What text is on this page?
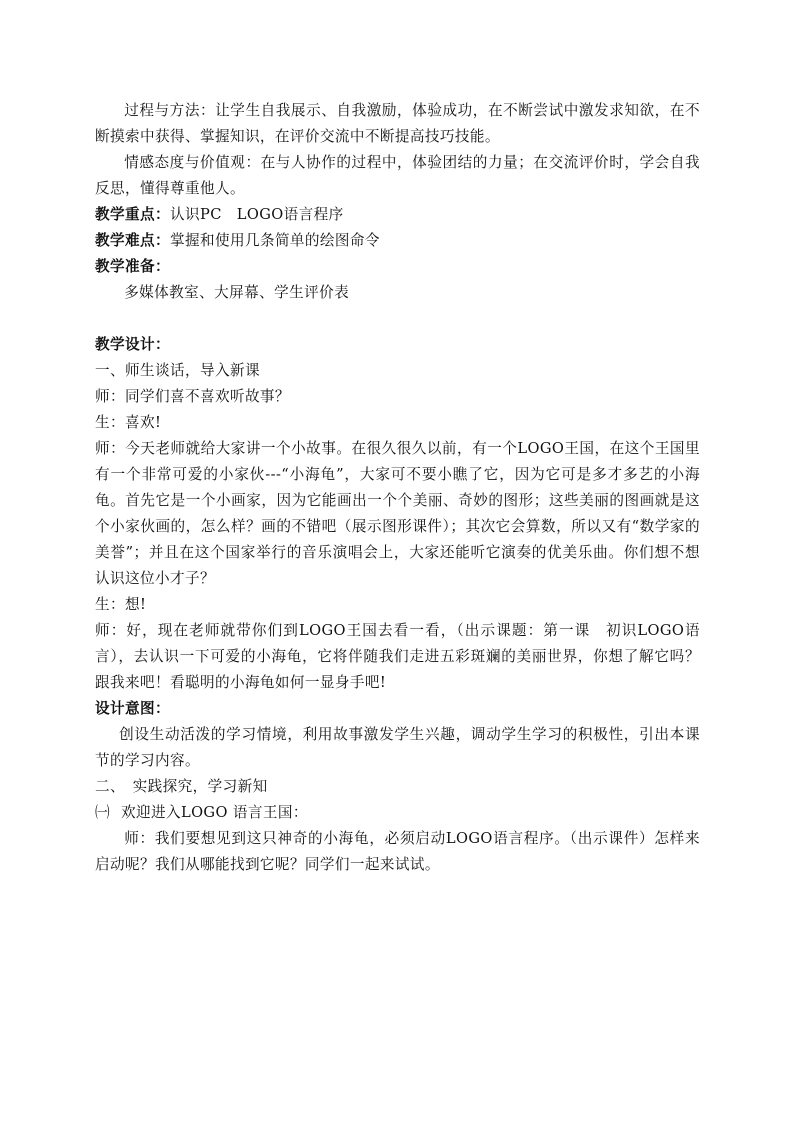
过程与方法：让学生自我展示、自我激励，体验成功，在不断尝试中激发求知欲，在不断摸索中获得、掌握知识，在评价交流中不断提高技巧技能。

情感态度与价值观：在与人协作的过程中，体验团结的力量；在交流评价时，学会自我反思，懂得尊重他人。

教学重点：认识PC　LOGO语言程序

教学难点：掌握和使用几条简单的绘图命令

教学准备：

多媒体教室、大屏幕、学生评价表

教学设计：

一、师生谈话，导入新课

师：同学们喜不喜欢听故事？

生：喜欢!

师：今天老师就给大家讲一个小故事。在很久很久以前，有一个LOGO王国，在这个王国里有一个非常可爱的小家伙---“小海龟”，大家可不要小瞧了它，因为它可是多才多艺的小海龟。首先它是一个小画家，因为它能画出一个个美丽、奇妙的图形；这些美丽的图画就是这个小家伙画的，怎么样？画的不错吧（展示图形课件）；其次它会算数，所以又有“数学家的美誉”；并且在这个国家举行的音乐演唱会上，大家还能听它演奏的优美乐曲。你们想不想认识这位小才子？

生：想!

师：好，现在老师就带你们到LOGO王国去看一看，（出示课题：第一课　初识LOGO语言），去认识一下可爱的小海龟，它将伴随我们走进五彩斑斓的美丽世界，你想了解它吗？跟我来吧！看聪明的小海龟如何一显身手吧!

设计意图：

创设生动活泼的学习情境，利用故事激发学生兴趣，调动学生学习的积极性，引出本课节的学习内容。

二、　实践探究，学习新知

㈠ 欢迎进入LOGO 语言王国：

师：我们要想见到这只神奇的小海龟，必须启动LOGO语言程序。（出示课件）怎样来启动呢？我们从哪能找到它呢？同学们一起来试试。
